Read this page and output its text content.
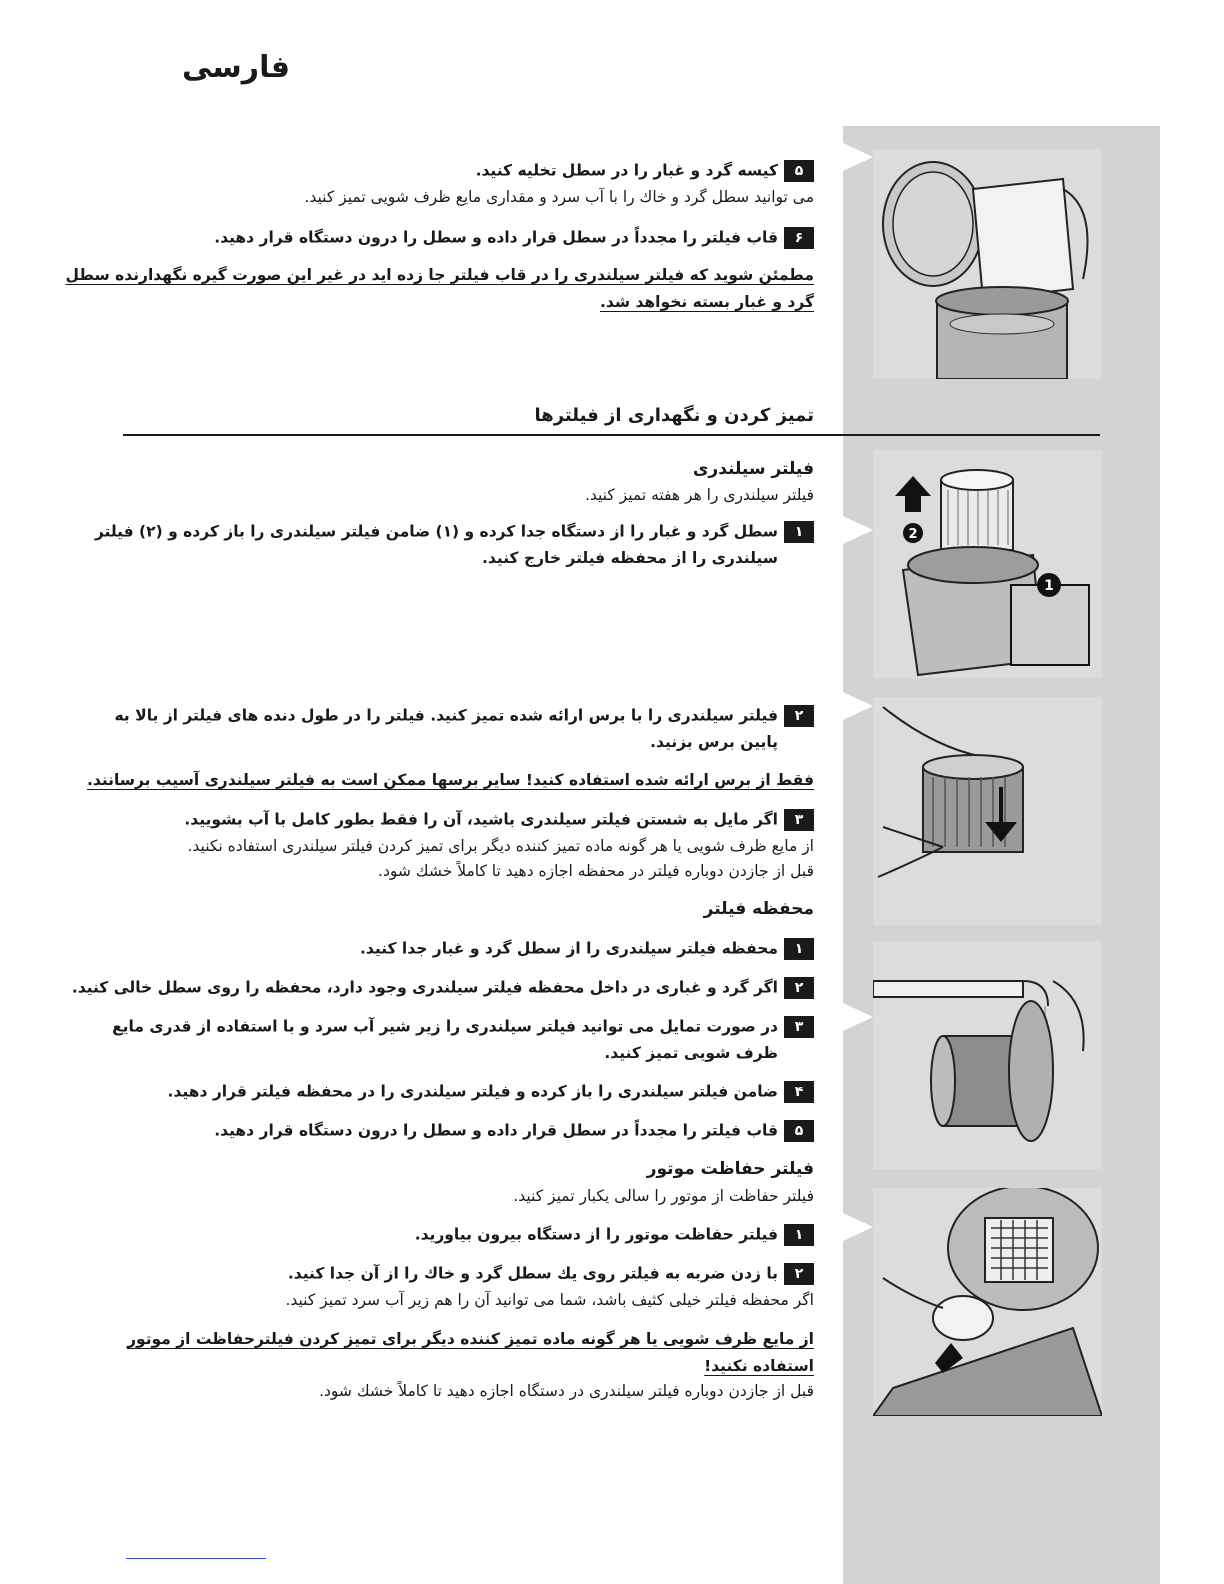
فارسی
2
1
۵کیسه گرد و غبار را در سطل تخلیه کنید.
می توانید سطل گرد و خاك را با آب سرد و مقداری مایع ظرف شویی تمیز کنید.
۶قاب فیلتر را مجدداً در سطل قرار داده و سطل را درون دستگاه قرار دهید.
مطمئن شوید که فیلتر سیلندری را در قاب فیلتر جا زده اید در غیر این صورت گیره نگهدارنده سطل
گرد و غبار بسته نخواهد شد.
تمیز کردن و نگهداری از فیلترها
فیلتر سیلندری
فیلتر سیلندری را هر هفته تمیز کنید.
۱سطل گرد و غبار را از دستگاه جدا کرده و (۱) ضامن فیلتر سیلندری را باز کرده و (۲) فیلتر
سیلندری را از محفظه فیلتر خارج کنید.
۲فیلتر سیلندری را با برس ارائه شده تمیز کنید. فیلتر را در طول دنده های فیلتر از بالا به
پایین برس بزنید.
فقط از برس ارائه شده استفاده کنید! سایر برسها ممکن است به فیلتر سیلندری آسیب برسانند.
۳اگر مایل به شستن فیلتر سیلندری باشید، آن را فقط بطور کامل با آب بشویید.
از مایع ظرف شویی یا هر گونه ماده تمیز کننده دیگر برای تمیز کردن فیلتر سیلندری استفاده نکنید.
قبل از جازدن دوباره فیلتر در محفظه اجازه دهید تا کاملاً خشك شود.
محفظه فیلتر
۱محفظه فیلتر سیلندری را از سطل گرد و غبار جدا کنید.
۲اگر گرد و غباری در داخل محفظه فیلتر سیلندری وجود دارد، محفظه را روی سطل خالی کنید.
۳در صورت تمایل می توانید فیلتر سیلندری را زیر شیر آب سرد و با استفاده از قدری مایع
ظرف شویی تمیز کنید.
۴ضامن فیلتر سیلندری را باز کرده و فیلتر سیلندری را در محفظه فیلتر قرار دهید.
۵قاب فیلتر را مجدداً در سطل قرار داده و سطل را درون دستگاه قرار دهید.
فیلتر حفاظت موتور
فیلتر حفاظت از موتور را سالی یکبار تمیز کنید.
۱فیلتر حفاظت موتور را از دستگاه بیرون بیاورید.
۲با زدن ضربه به فیلتر روی یك سطل گرد و خاك را از آن جدا کنید.
اگر محفظه فیلتر خیلی کثیف باشد، شما می توانید آن را هم زیر آب سرد تمیز کنید.
از مایع ظرف شویی یا هر گونه ماده تمیز کننده دیگر برای تمیز کردن فیلترحفاظت از موتور
استفاده نکنید!
قبل از جازدن دوباره فیلتر سیلندری در دستگاه اجازه دهید تا کاملاً خشك شود.
